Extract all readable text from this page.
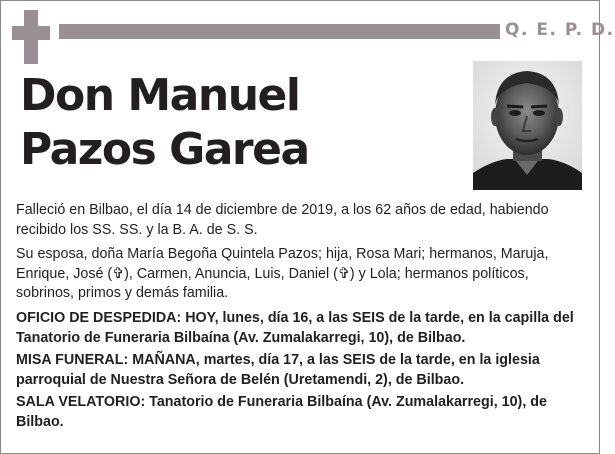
Q. E. P. D.
Don Manuel
Pazos Garea

Falleció en Bilbao, el día 14 de diciembre de 2019, a los 62 años de edad, habiendo recibido los SS. SS. y la B. A. de S. S.

Su esposa, doña María Begoña Quintela Pazos; hija, Rosa Mari; hermanos, Maruja, Enrique, José (✞), Carmen, Anuncia, Luis, Daniel (✞) y Lola; hermanos políticos, sobrinos, primos y demás familia.

OFICIO DE DESPEDIDA: HOY, lunes, día 16, a las SEIS de la tarde, en la capilla del Tanatorio de Funeraria Bilbaína (Av. Zumalakarregi, 10), de Bilbao.

MISA FUNERAL: MAÑANA, martes, día 17, a las SEIS de la tarde, en la iglesia parroquial de Nuestra Señora de Belén (Uretamendi, 2), de Bilbao.

SALA VELATORIO: Tanatorio de Funeraria Bilbaína (Av. Zumalakarregi, 10), de Bilbao.
